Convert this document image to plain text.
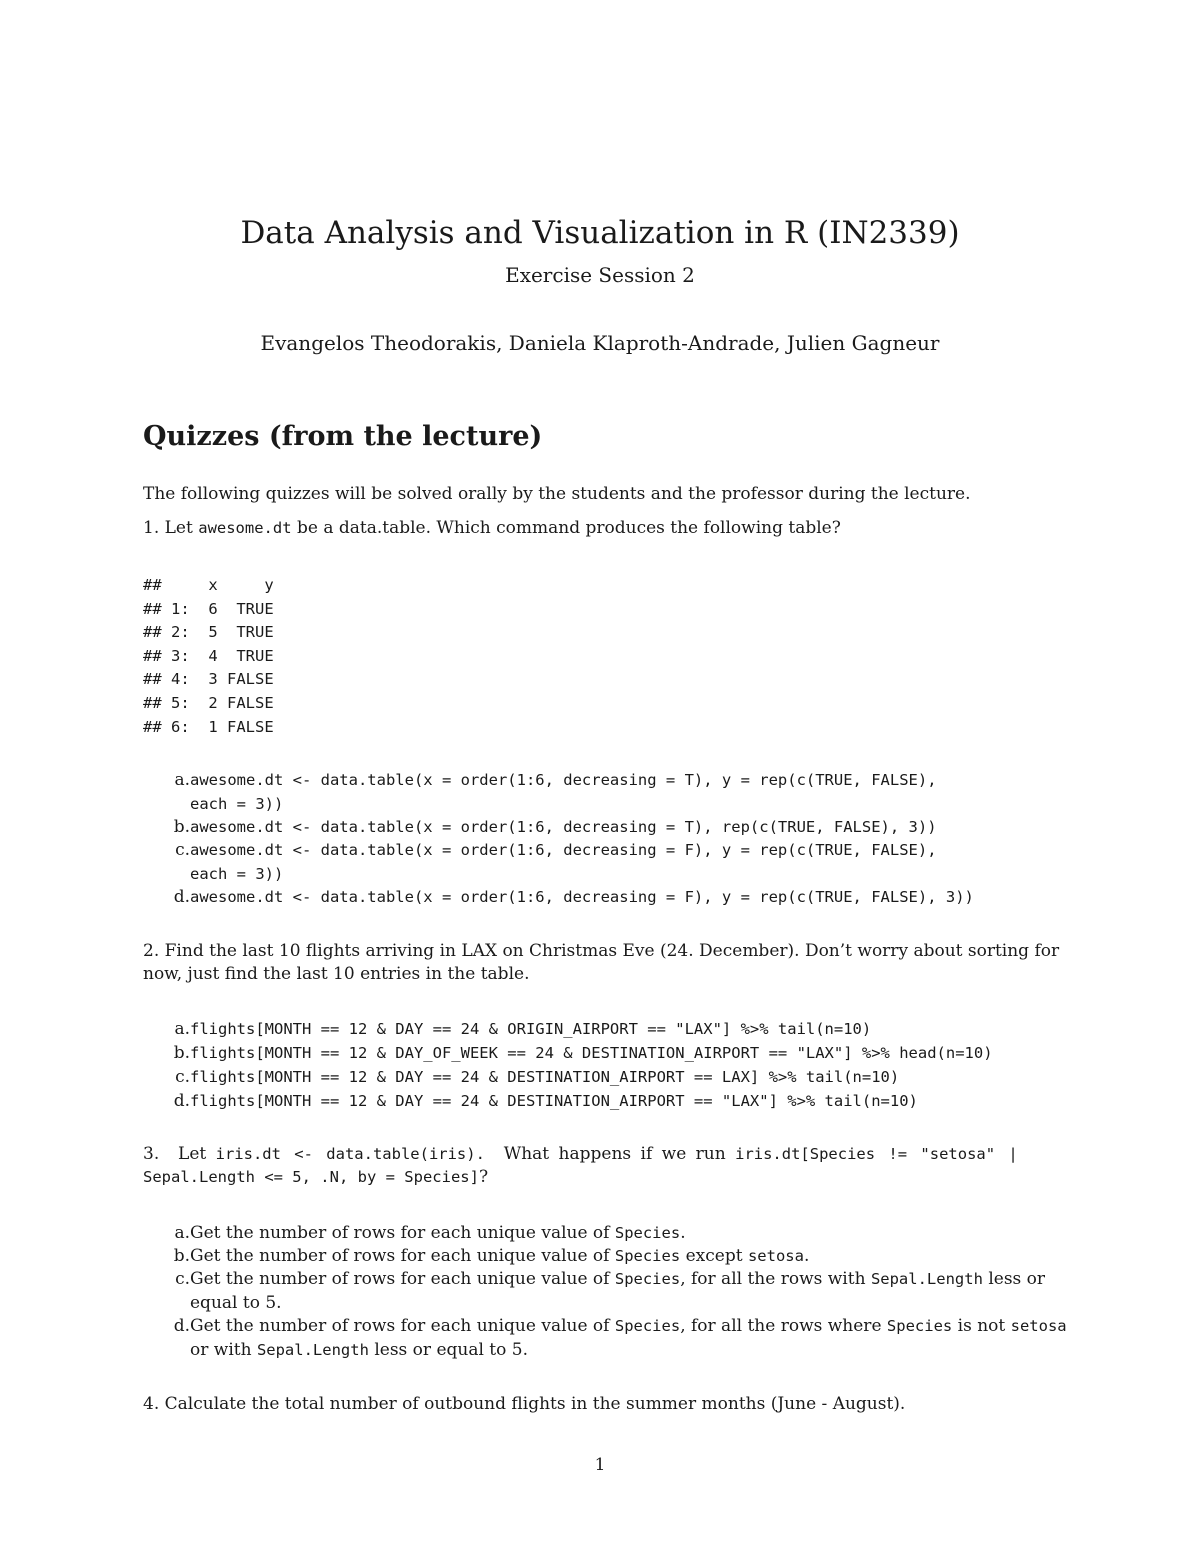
Data Analysis and Visualization in R (IN2339)
Exercise Session 2
Evangelos Theodorakis, Daniela Klaproth-Andrade, Julien Gagneur
Quizzes (from the lecture)

The following quizzes will be solved orally by the students and the professor during the lecture.

1. Let awesome.dt be a data.table. Which command produces the following table?

##     x     y
## 1:  6  TRUE
## 2:  5  TRUE
## 3:  4  TRUE
## 4:  3 FALSE
## 5:  2 FALSE
## 6:  1 FALSE
a. awesome.dt <- data.table(x = order(1:6, decreasing = T), y = rep(c(TRUE, FALSE),
each = 3))
b. awesome.dt <- data.table(x = order(1:6, decreasing = T), rep(c(TRUE, FALSE), 3))
c. awesome.dt <- data.table(x = order(1:6, decreasing = F), y = rep(c(TRUE, FALSE),
each = 3))
d. awesome.dt <- data.table(x = order(1:6, decreasing = F), y = rep(c(TRUE, FALSE), 3))

2. Find the last 10 flights arriving in LAX on Christmas Eve (24. December). Don’t worry about sorting for now, just find the last 10 entries in the table.

a. flights[MONTH == 12 & DAY == 24 & ORIGIN_AIRPORT == "LAX"] %>% tail(n=10)
b. flights[MONTH == 12 & DAY_OF_WEEK == 24 & DESTINATION_AIRPORT == "LAX"] %>% head(n=10)
c. flights[MONTH == 12 & DAY == 24 & DESTINATION_AIRPORT == LAX] %>% tail(n=10)
d. flights[MONTH == 12 & DAY == 24 & DESTINATION_AIRPORT == "LAX"] %>% tail(n=10)

3. Let iris.dt <- data.table(iris). What happens if we run iris.dt[Species != "setosa" |
Sepal.Length <= 5, .N, by = Species]?

a. Get the number of rows for each unique value of Species.
b. Get the number of rows for each unique value of Species except setosa.
c. Get the number of rows for each unique value of Species, for all the rows with Sepal.Length less or equal to 5.
d. Get the number of rows for each unique value of Species, for all the rows where Species is not setosa or with Sepal.Length less or equal to 5.

4. Calculate the total number of outbound flights in the summer months (June - August).

1
